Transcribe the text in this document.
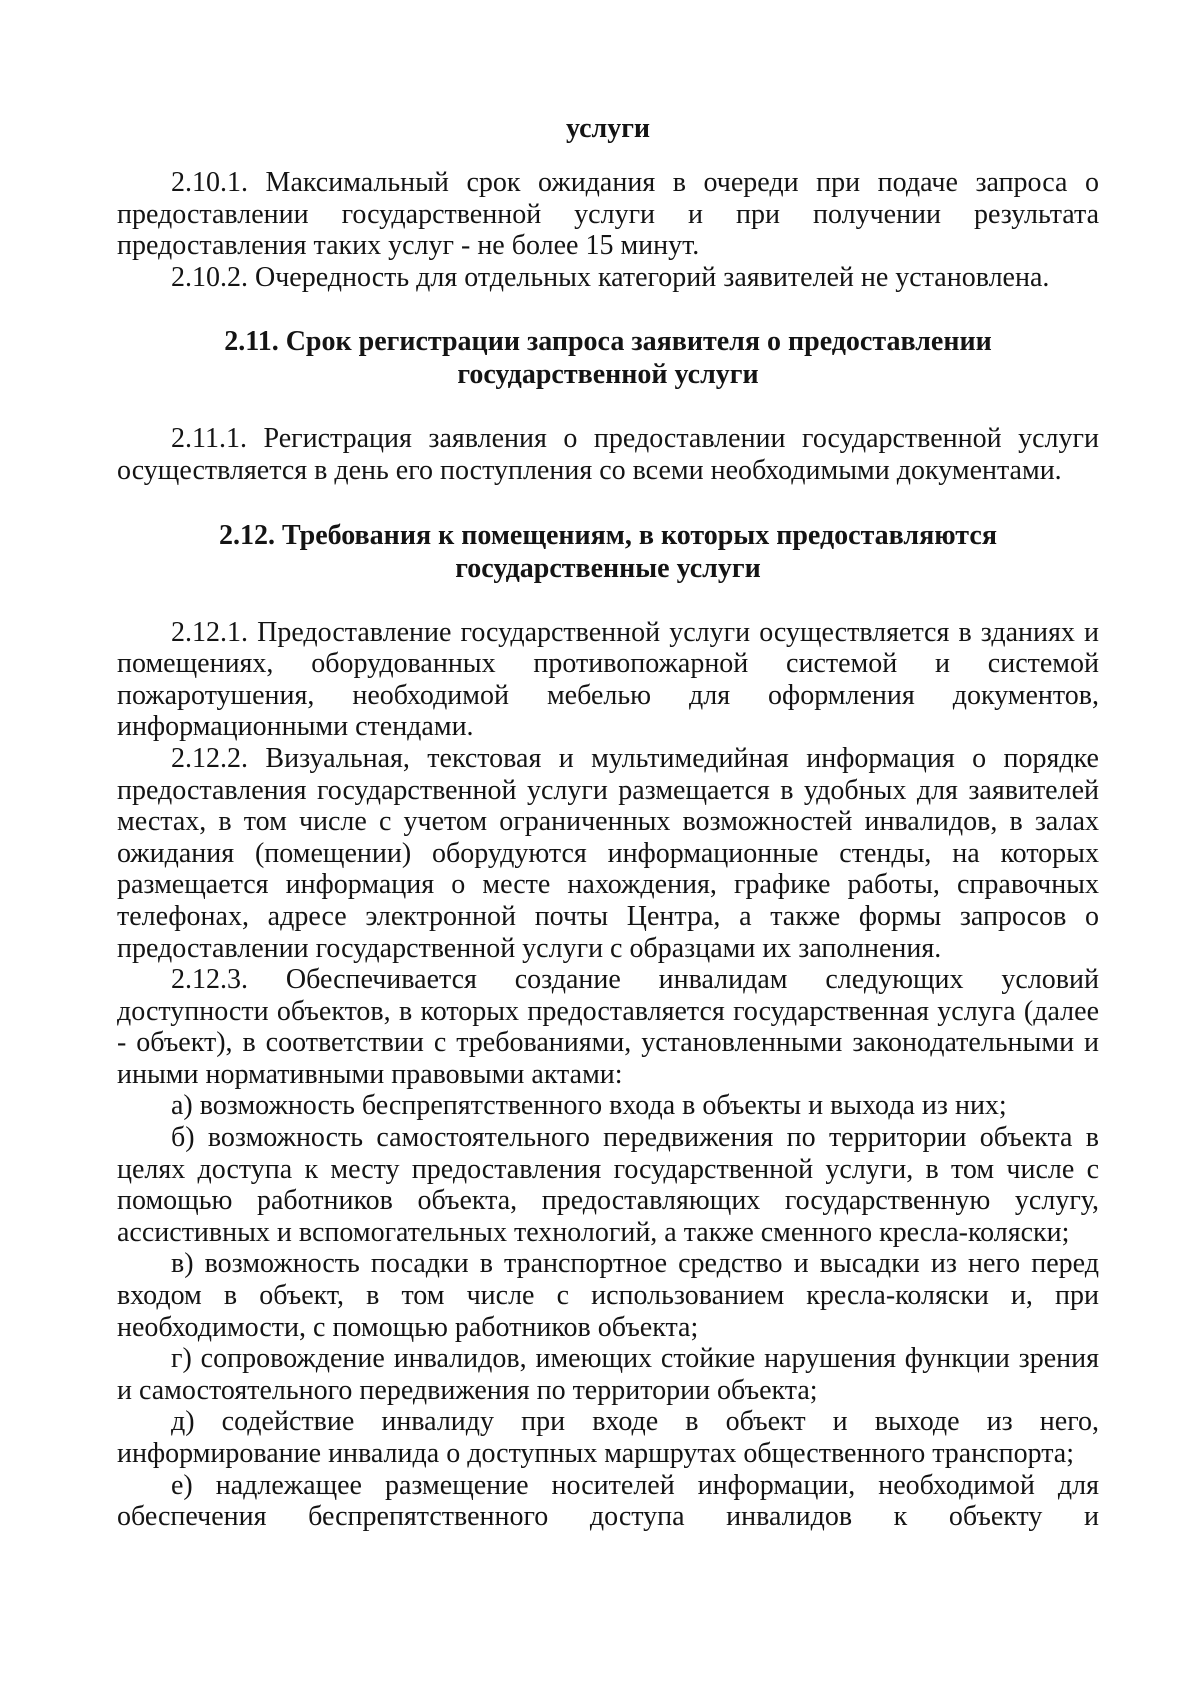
услуги

2.10.1. Максимальный срок ожидания в очереди при подаче запроса о предоставлении государственной услуги и при получении результата предоставления таких услуг - не более 15 минут.

2.10.2. Очередность для отдельных категорий заявителей не установлена.

2.11. Срок регистрации запроса заявителя о предоставлении
государственной услуги

2.11.1. Регистрация заявления о предоставлении государственной услуги осуществляется в день его поступления со всеми необходимыми документами.

2.12. Требования к помещениям, в которых предоставляются
государственные услуги

2.12.1. Предоставление государственной услуги осуществляется в зданиях и помещениях, оборудованных противопожарной системой и системой пожаротушения, необходимой мебелью для оформления документов, информационными стендами.

2.12.2. Визуальная, текстовая и мультимедийная информация о порядке предоставления государственной услуги размещается в удобных для заявителей местах, в том числе с учетом ограниченных возможностей инвалидов, в залах ожидания (помещении) оборудуются информационные стенды, на которых размещается информация о месте нахождения, графике работы, справочных телефонах, адресе электронной почты Центра, а также формы запросов о предоставлении государственной услуги с образцами их заполнения.

2.12.3. Обеспечивается создание инвалидам следующих условий доступности объектов, в которых предоставляется государственная услуга (далее - объект), в соответствии с требованиями, установленными законодательными и иными нормативными правовыми актами:

а) возможность беспрепятственного входа в объекты и выхода из них;

б) возможность самостоятельного передвижения по территории объекта в целях доступа к месту предоставления государственной услуги, в том числе с помощью работников объекта, предоставляющих государственную услугу, ассистивных и вспомогательных технологий, а также сменного кресла-коляски;

в) возможность посадки в транспортное средство и высадки из него перед входом в объект, в том числе с использованием кресла-коляски и, при необходимости, с помощью работников объекта;

г) сопровождение инвалидов, имеющих стойкие нарушения функции зрения и самостоятельного передвижения по территории объекта;

д) содействие инвалиду при входе в объект и выходе из него, информирование инвалида о доступных маршрутах общественного транспорта;

е) надлежащее размещение носителей информации, необходимой для обеспечения беспрепятственного доступа инвалидов к объекту и
